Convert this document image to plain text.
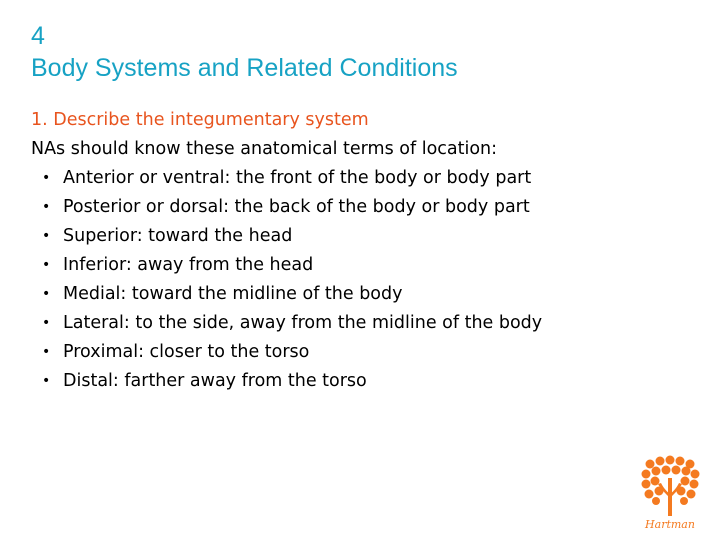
4
Body Systems and Related Conditions
1. Describe the integumentary system
NAs should know these anatomical terms of location:
• Anterior or ventral: the front of the body or body part
• Posterior or dorsal: the back of the body or body part
• Superior: toward the head
• Inferior: away from the head
• Medial: toward the midline of the body
• Lateral: to the side, away from the midline of the body
• Proximal: closer to the torso
• Distal: farther away from the torso
Hartman
